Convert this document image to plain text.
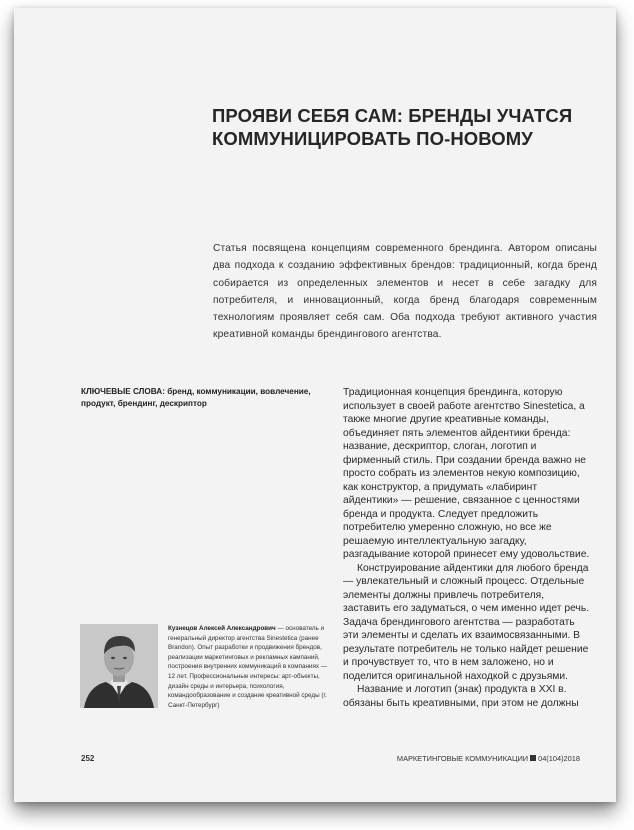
ПРОЯВИ СЕБЯ САМ: БРЕНДЫ УЧАТСЯ
КОММУНИЦИРОВАТЬ ПО-НОВОМУ

Статья посвящена концепциям современного брендинга. Автором описаны два подхода к созданию эффективных брендов: традиционный, когда бренд собирается из определенных элементов и несет в себе загадку для потребителя, и инновационный, когда бренд благодаря современным технологиям проявляет себя сам. Оба подхода требуют активного участия креативной команды брендингового агентства.

КЛЮЧЕВЫЕ СЛОВА: бренд, коммуникации, вовлечение, продукт, брендинг, дескриптор

Традиционная концепция брендинга, которую использует в своей работе агентство Sinestetica, а также многие другие креативные команды, объединяет пять элементов айдентики бренда: название, дескриптор, слоган, логотип и фирменный стиль. При создании бренда важно не просто собрать из элементов некую композицию, как конструктор, а придумать «лабиринт айдентики» — решение, связанное с ценностями бренда и продукта. Следует предложить потребителю умеренно сложную, но все же решаемую интеллектуальную загадку, разгадывание которой принесет ему удовольствие.

Конструирование айдентики для любого бренда — увлекательный и сложный процесс. Отдельные элементы должны привлечь потребителя, заставить его задуматься, о чем именно идет речь. Задача брендингового агентства — разработать эти элементы и сделать их взаимосвязанными. В результате потребитель не только найдет решение и прочувствует то, что в нем заложено, но и поделится оригинальной находкой с друзьями.

Название и логотип (знак) продукта в XXI в. обязаны быть креативными, при этом не должны

Кузнецов Алексей Александрович — основатель и генеральный директор агентства Sinestetica (ранее Brandon). Опыт разработки и продвижения брендов, реализации маркетинговых и рекламных кампаний, построения внутренних коммуникаций в компаниях — 12 лет. Профессиональные интересы: арт-объекты, дизайн среды и интерьера, психология, командообразование и создание креативной среды (г. Санкт-Петербург)

252	МАРКЕТИНГОВЫЕ КОММУНИКАЦИИ 04(104)2018
